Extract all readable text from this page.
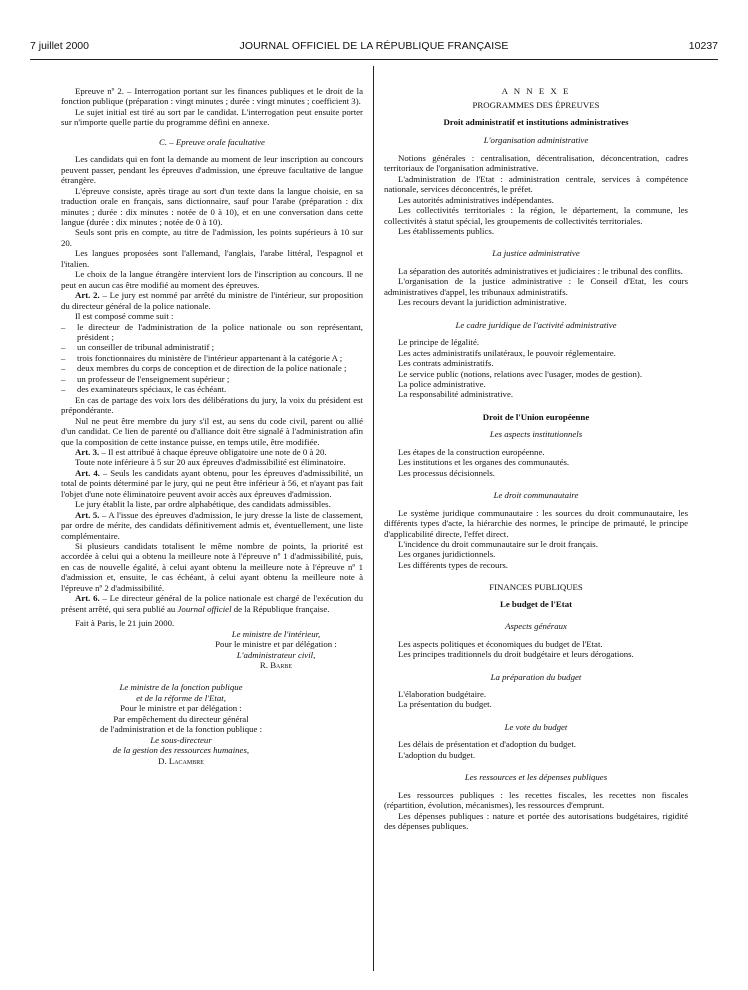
7 juillet 2000	JOURNAL OFFICIEL DE LA RÉPUBLIQUE FRANÇAISE	10237

Epreuve nº 2. – Interrogation portant sur les finances publiques et le droit de la fonction publique (préparation : vingt minutes ; durée : vingt minutes ; coefficient 3).

Le sujet initial est tiré au sort par le candidat. L'interrogation peut ensuite porter sur n'importe quelle partie du programme défini en annexe.

C. – Epreuve orale facultative

Les candidats qui en font la demande au moment de leur inscription au concours peuvent passer, pendant les épreuves d'admission, une épreuve facultative de langue étrangère.

L'épreuve consiste, après tirage au sort d'un texte dans la langue choisie, en sa traduction orale en français, sans dictionnaire, sauf pour l'arabe (préparation : dix minutes ; durée : dix minutes : notée de 0 à 10), et en une conversation dans cette langue (durée : dix minutes ; notée de 0 à 10).

Seuls sont pris en compte, au titre de l'admission, les points supérieurs à 10 sur 20.

Les langues proposées sont l'allemand, l'anglais, l'arabe littéral, l'espagnol et l'italien.

Le choix de la langue étrangère intervient lors de l'inscription au concours. Il ne peut en aucun cas être modifié au moment des épreuves.

Art. 2. – Le jury est nommé par arrêté du ministre de l'intérieur, sur proposition du directeur général de la police nationale.

Il est composé comme suit :

– le directeur de l'administration de la police nationale ou son représentant, président ;
– un conseiller de tribunal administratif ;
– trois fonctionnaires du ministère de l'intérieur appartenant à la catégorie A ;
– deux membres du corps de conception et de direction de la police nationale ;
– un professeur de l'enseignement supérieur ;
– des examinateurs spéciaux, le cas échéant.

En cas de partage des voix lors des délibérations du jury, la voix du président est prépondérante.

Nul ne peut être membre du jury s'il est, au sens du code civil, parent ou allié d'un candidat. Ce lien de parenté ou d'alliance doit être signalé à l'administration afin que la composition de cette instance puisse, en temps utile, être modifiée.

Art. 3. – Il est attribué à chaque épreuve obligatoire une note de 0 à 20.

Toute note inférieure à 5 sur 20 aux épreuves d'admissibilité est éliminatoire.

Art. 4. – Seuls les candidats ayant obtenu, pour les épreuves d'admissibilité, un total de points déterminé par le jury, qui ne peut être inférieur à 56, et n'ayant pas fait l'objet d'une note éliminatoire peuvent avoir accès aux épreuves d'admission.

Le jury établit la liste, par ordre alphabétique, des candidats admissibles.

Art. 5. – A l'issue des épreuves d'admission, le jury dresse la liste de classement, par ordre de mérite, des candidats définitivement admis et, éventuellement, une liste complémentaire.

Si plusieurs candidats totalisent le même nombre de points, la priorité est accordée à celui qui a obtenu la meilleure note à l'épreuve nº 1 d'admissibilité, puis, en cas de nouvelle égalité, à celui ayant obtenu la meilleure note à l'épreuve nº 1 d'admission et, ensuite, le cas échéant, à celui ayant obtenu la meilleure note à l'épreuve nº 2 d'admissibilité.

Art. 6. – Le directeur général de la police nationale est chargé de l'exécution du présent arrêté, qui sera publié au Journal officiel de la République française.

Fait à Paris, le 21 juin 2000.

Le ministre de l'intérieur,
Pour le ministre et par délégation :
L'administrateur civil,
R. Barbe
Le ministre de la fonction publique
et de la réforme de l'Etat,
Pour le ministre et par délégation :
Par empêchement du directeur général
de l'administration et de la fonction publique :
Le sous-directeur
de la gestion des ressources humaines,
D. Lacambre
A N N E X E
PROGRAMMES DES ÉPREUVES
Droit administratif et institutions administratives
L'organisation administrative

Notions générales : centralisation, décentralisation, déconcentration, cadres territoriaux de l'organisation administrative.

L'administration de l'Etat : administration centrale, services à compétence nationale, services déconcentrés, le préfet.

Les autorités administratives indépendantes.

Les collectivités territoriales : la région, le département, la commune, les collectivités à statut spécial, les groupements de collectivités territoriales.

Les établissements publics.

La justice administrative

La séparation des autorités administratives et judiciaires : le tribunal des conflits.

L'organisation de la justice administrative : le Conseil d'Etat, les cours administratives d'appel, les tribunaux administratifs.

Les recours devant la juridiction administrative.

Le cadre juridique de l'activité administrative

Le principe de légalité.

Les actes administratifs unilatéraux, le pouvoir réglementaire.

Les contrats administratifs.

Le service public (notions, relations avec l'usager, modes de gestion).

La police administrative.

La responsabilité administrative.

Droit de l'Union européenne
Les aspects institutionnels

Les étapes de la construction européenne.

Les institutions et les organes des communautés.

Les processus décisionnels.

Le droit communautaire

Le système juridique communautaire : les sources du droit communautaire, les différents types d'acte, la hiérarchie des normes, le principe de primauté, le principe d'applicabilité directe, l'effet direct.

L'incidence du droit communautaire sur le droit français.

Les organes juridictionnels.

Les différents types de recours.

FINANCES PUBLIQUES
Le budget de l'Etat
Aspects généraux

Les aspects politiques et économiques du budget de l'Etat.

Les principes traditionnels du droit budgétaire et leurs dérogations.

La préparation du budget

L'élaboration budgétaire.

La présentation du budget.

Le vote du budget

Les délais de présentation et d'adoption du budget.

L'adoption du budget.

Les ressources et les dépenses publiques

Les ressources publiques : les recettes fiscales, les recettes non fiscales (répartition, évolution, mécanismes), les ressources d'emprunt.

Les dépenses publiques : nature et portée des autorisations budgétaires, rigidité des dépenses publiques.
